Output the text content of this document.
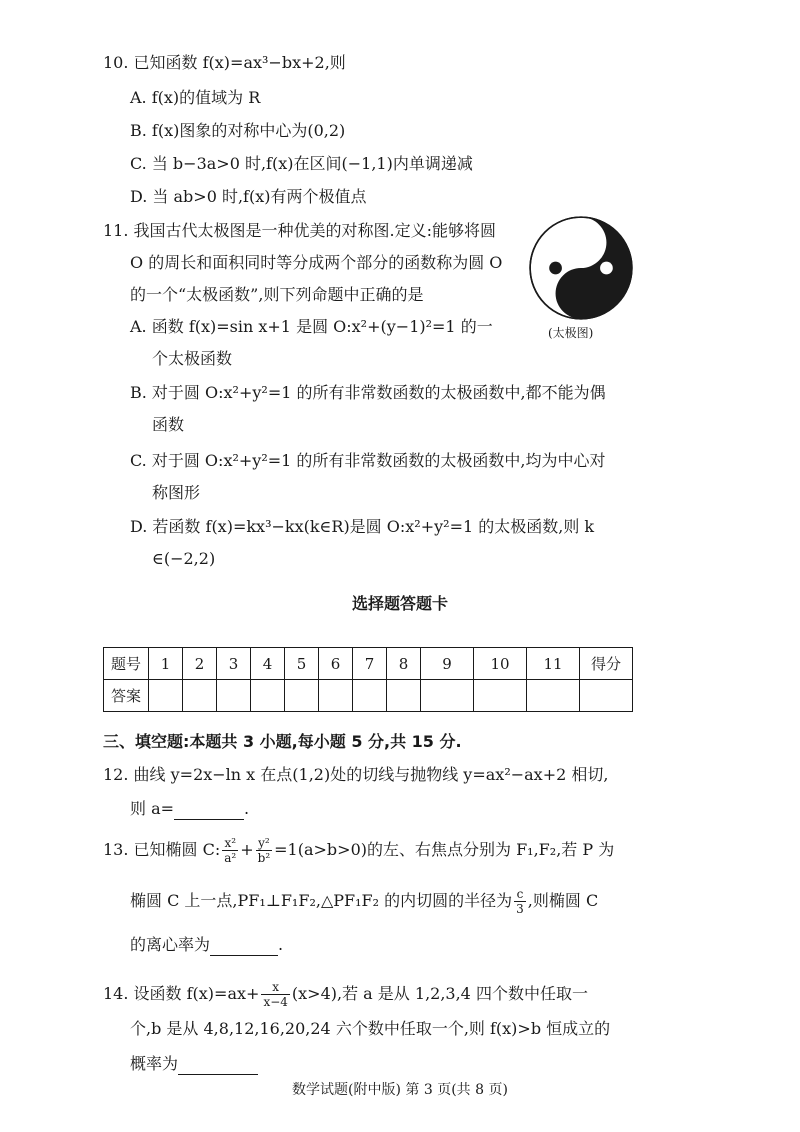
10. 已知函数 f(x)=ax³−bx+2,则
A. f(x)的值域为 R
B. f(x)图象的对称中心为(0,2)
C. 当 b−3a>0 时,f(x)在区间(−1,1)内单调递减
D. 当 ab>0 时,f(x)有两个极值点
11. 我国古代太极图是一种优美的对称图.定义:能够将圆
O 的周长和面积同时等分成两个部分的函数称为圆 O
的一个“太极函数”,则下列命题中正确的是
A. 函数 f(x)=sin x+1 是圆 O:x²+(y−1)²=1 的一
个太极函数
B. 对于圆 O:x²+y²=1 的所有非常数函数的太极函数中,都不能为偶
函数
C. 对于圆 O:x²+y²=1 的所有非常数函数的太极函数中,均为中心对
称图形
D. 若函数 f(x)=kx³−kx(k∈R)是圆 O:x²+y²=1 的太极函数,则 k
∈(−2,2)
(太极图)
选择题答题卡
题号	1	2	3	4	5	6	7	8	9	10	11	得分
答案												
三、填空题:本题共 3 小题,每小题 5 分,共 15 分.
12. 曲线 y=2x−ln x 在点(1,2)处的切线与抛物线 y=ax²−ax+2 相切,
则 a=	.
13. 已知椭圆 C: $\frac{\text{x²}}{\text{a²}} + \frac{\text{y²}}{\text{b²}} =1(a>b>0)$的左、右焦点分别为 F₁,F₂,若 P 为
椭圆 C 上一点,PF₁⊥F₁F₂,△PF₁F₂ 的内切圆的半径为 $\frac{c}{3}$ ,则椭圆 C
的离心率为	.
14. 设函数 $f(x)=ax+ \frac{x}{x-4} (x>4)$,若 a 是从 1,2,3,4 四个数中任取一
个,b 是从 4,8,12,16,20,24 六个数中任取一个,则 f(x)>b 恒成立的
概率为
数学试题(附中版) 第 3 页(共 8 页)
